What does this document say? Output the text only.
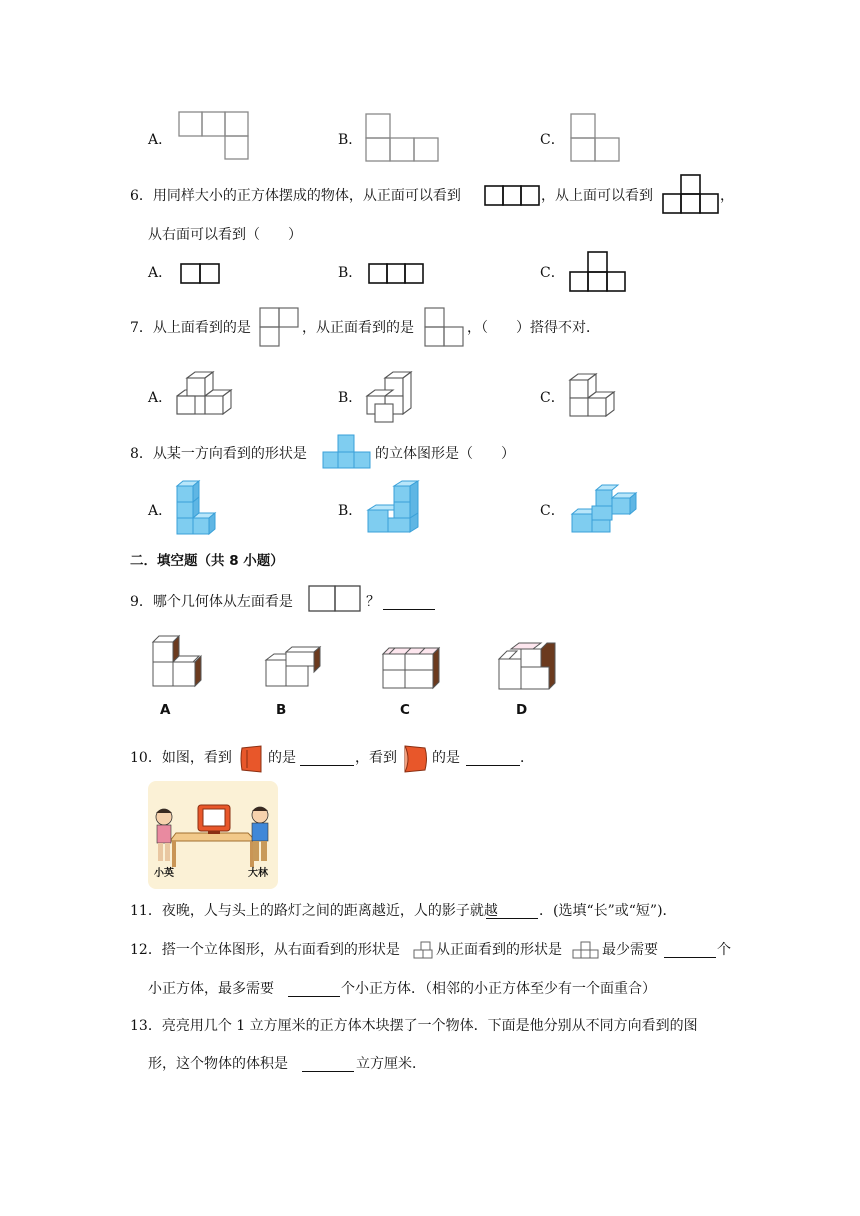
A．	B．	C．
6．用同样大小的正方体摆成的物体，从正面可以看到	，从上面可以看到	，
从右面可以看到（　　）
A．	B．	C．
7．从上面看到的是	，从正面看到的是	，（　　）搭得不对．
A．	B．	C．
8．从某一方向看到的形状是	的立体图形是（　　）
A．	B．	C．
二．填空题（共 8 小题）
9．哪个几何体从左面看是	？
A	B	C	D
10．如图，看到	的是	，看到	的是	．
小英	大林
11．夜晚，人与头上的路灯之间的距离越近，人的影子就越	．(选填“长”或“短”)．
12．搭一个立体图形，从右面看到的形状是	从正面看到的形状是	最少需要	个
小正方体，最多需要	个小正方体．（相邻的小正方体至少有一个面重合）
13．亮亮用几个 1 立方厘米的正方体木块摆了一个物体．下面是他分别从不同方向看到的图
形，这个物体的体积是	立方厘米．
